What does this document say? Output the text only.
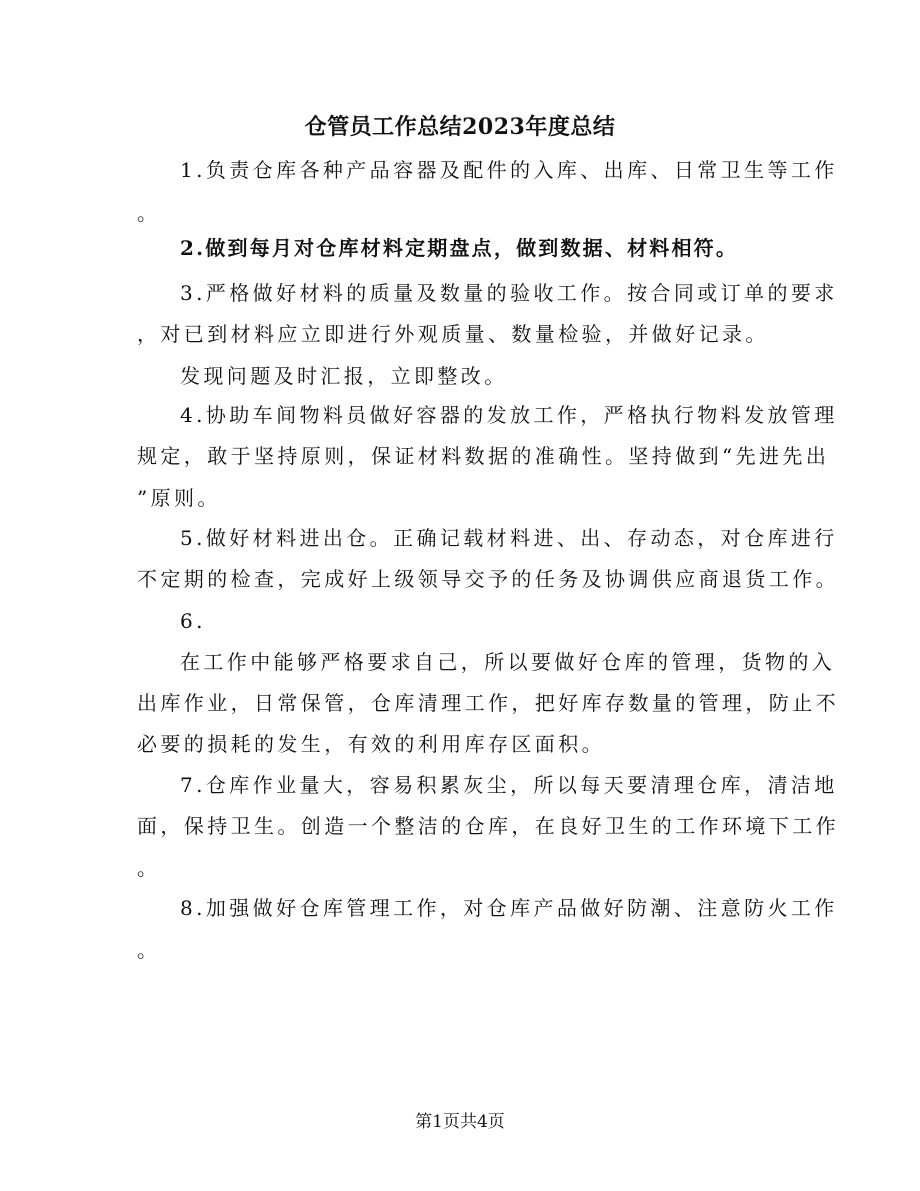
仓管员工作总结2023年度总结
1.负责仓库各种产品容器及配件的入库、出库、日常卫生等工作
。
2.做到每月对仓库材料定期盘点，做到数据、材料相符。
3.严格做好材料的质量及数量的验收工作。按合同或订单的要求
，对已到材料应立即进行外观质量、数量检验，并做好记录。
发现问题及时汇报，立即整改。
4.协助车间物料员做好容器的发放工作，严格执行物料发放管理
规定，敢于坚持原则，保证材料数据的准确性。坚持做到“先进先出
”原则。
5.做好材料进出仓。正确记载材料进、出、存动态，对仓库进行
不定期的检查，完成好上级领导交予的任务及协调供应商退货工作。
6.
在工作中能够严格要求自己，所以要做好仓库的管理，货物的入
出库作业，日常保管，仓库清理工作，把好库存数量的管理，防止不
必要的损耗的发生，有效的利用库存区面积。
7.仓库作业量大，容易积累灰尘，所以每天要清理仓库，清洁地
面，保持卫生。创造一个整洁的仓库，在良好卫生的工作环境下工作
。
8.加强做好仓库管理工作，对仓库产品做好防潮、注意防火工作
。
第1页共4页
